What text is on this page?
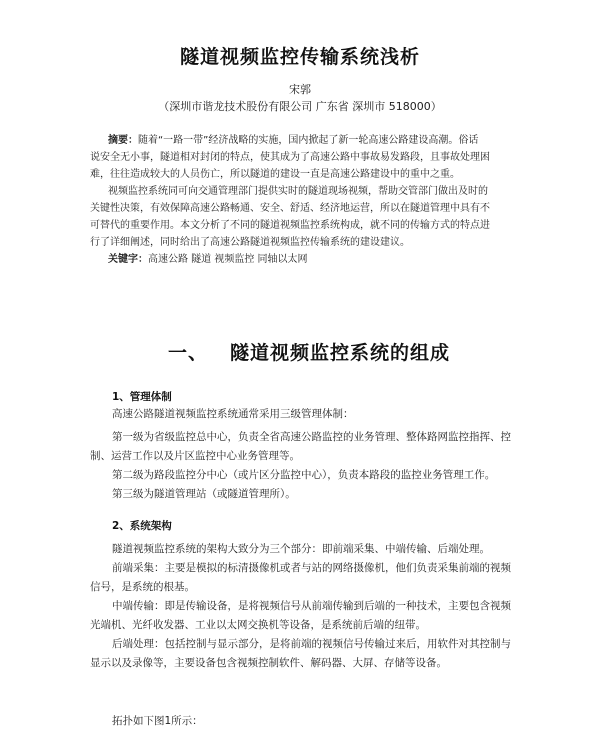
隧道视频监控传输系统浅析
宋郭
（深圳市谐龙技术股份有限公司 广东省 深圳市 518000）
摘要：随着“一路一带”经济战略的实施，国内掀起了新一轮高速公路建设高潮。俗话
说安全无小事，隧道相对封闭的特点，使其成为了高速公路中事故易发路段，且事故处理困
难，往往造成较大的人员伤亡，所以隧道的建设一直是高速公路建设中的重中之重。
视频监控系统同可向交通管理部门提供实时的隧道现场视频，帮助交管部门做出及时的
关键性决策，有效保障高速公路畅通、安全、舒适、经济地运营，所以在隧道管理中具有不
可替代的重要作用。本文分析了不同的隧道视频监控系统构成，就不同的传输方式的特点进
行了详细阐述，同时给出了高速公路隧道视频监控传输系统的建设建议。
关键字：高速公路 隧道 视频监控 同轴以太网
一、 隧道视频监控系统的组成
1、管理体制
高速公路隧道视频监控系统通常采用三级管理体制：
第一级为省级监控总中心，负责全省高速公路监控的业务管理、整体路网监控指挥、控
制、运营工作以及片区监控中心业务管理等。
第二级为路段监控分中心（或片区分监控中心），负责本路段的监控业务管理工作。
第三级为隧道管理站（或隧道管理所）。
2、系统架构
隧道视频监控系统的架构大致分为三个部分：即前端采集、中端传输、后端处理。
前端采集：主要是模拟的标清摄像机或者与站的网络摄像机，他们负责采集前端的视频
信号，是系统的根基。
中端传输：即是传输设备，是将视频信号从前端传输到后端的一种技术，主要包含视频
光端机、光纤收发器、工业以太网交换机等设备，是系统前后端的纽带。
后端处理：包括控制与显示部分，是将前端的视频信号传输过来后，用软件对其控制与
显示以及录像等，主要设备包含视频控制软件、解码器、大屏、存储等设备。
拓扑如下图1所示：
